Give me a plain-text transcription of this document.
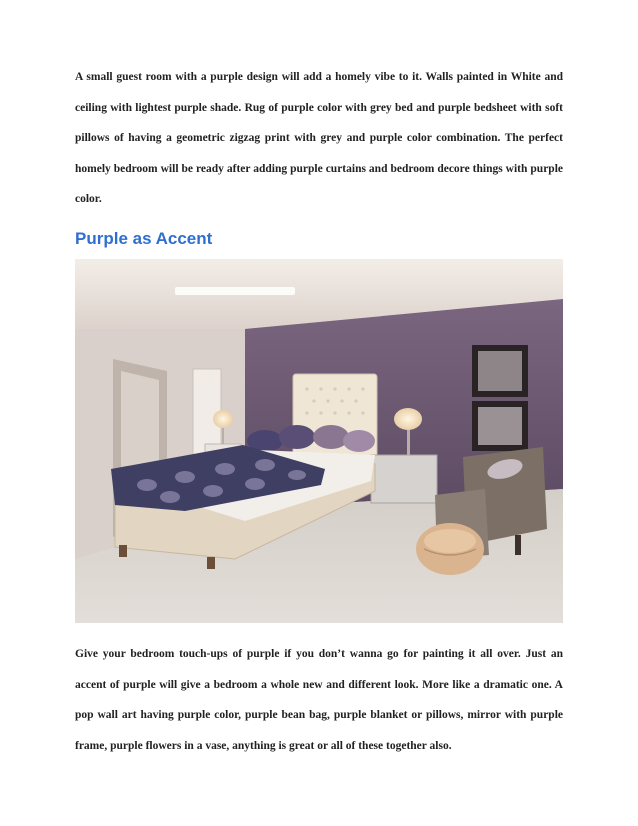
A small guest room with a purple design will add a homely vibe to it. Walls painted in White and ceiling with lightest purple shade. Rug of purple color with grey bed and purple bedsheet with soft pillows of having a geometric zigzag print with grey and purple color combination. The perfect homely bedroom will be ready after adding purple curtains and bedroom decore things with purple color.

Purple as Accent

Give your bedroom touch-ups of purple if you don’t wanna go for painting it all over. Just an accent of purple will give a bedroom a whole new and different look. More like a dramatic one. A pop wall art having purple color, purple bean bag, purple blanket or pillows, mirror with purple frame, purple flowers in a vase, anything is great or all of these together also.
